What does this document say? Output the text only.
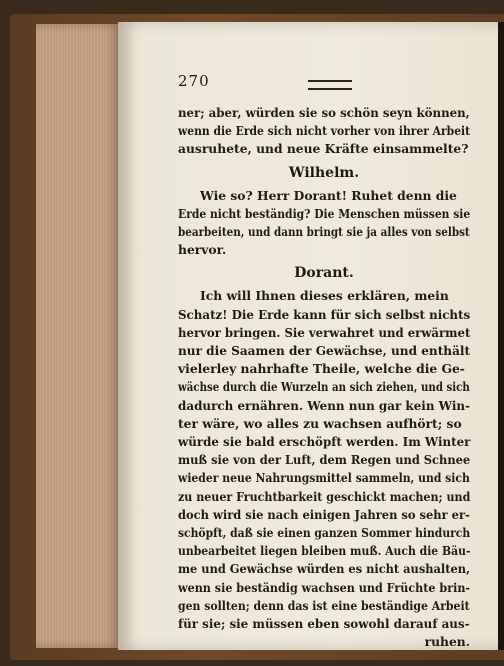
270
ner; aber, würden sie so schön seyn können,
wenn die Erde sich nicht vorher von ihrer Arbeit
ausruhete, und neue Kräfte einsammelte?
Wilhelm.
Wie so? Herr Dorant! Ruhet denn die
Erde nicht beständig? Die Menschen müssen sie
bearbeiten, und dann bringt sie ja alles von selbst
hervor.
Dorant.
Ich will Ihnen dieses erklären, mein
Schatz! Die Erde kann für sich selbst nichts
hervor bringen. Sie verwahret und erwärmet
nur die Saamen der Gewächse, und enthält
vielerley nahrhafte Theile, welche die Ge-
wächse durch die Wurzeln an sich ziehen, und sich
dadurch ernähren. Wenn nun gar kein Win-
ter wäre, wo alles zu wachsen aufhört; so
würde sie bald erschöpft werden. Im Winter
muß sie von der Luft, dem Regen und Schnee
wieder neue Nahrungsmittel sammeln, und sich
zu neuer Fruchtbarkeit geschickt machen; und
doch wird sie nach einigen Jahren so sehr er-
schöpft, daß sie einen ganzen Sommer hindurch
unbearbeitet liegen bleiben muß. Auch die Bäu-
me und Gewächse würden es nicht aushalten,
wenn sie beständig wachsen und Früchte brin-
gen sollten; denn das ist eine beständige Arbeit
für sie; sie müssen eben sowohl darauf aus-
ruhen.
